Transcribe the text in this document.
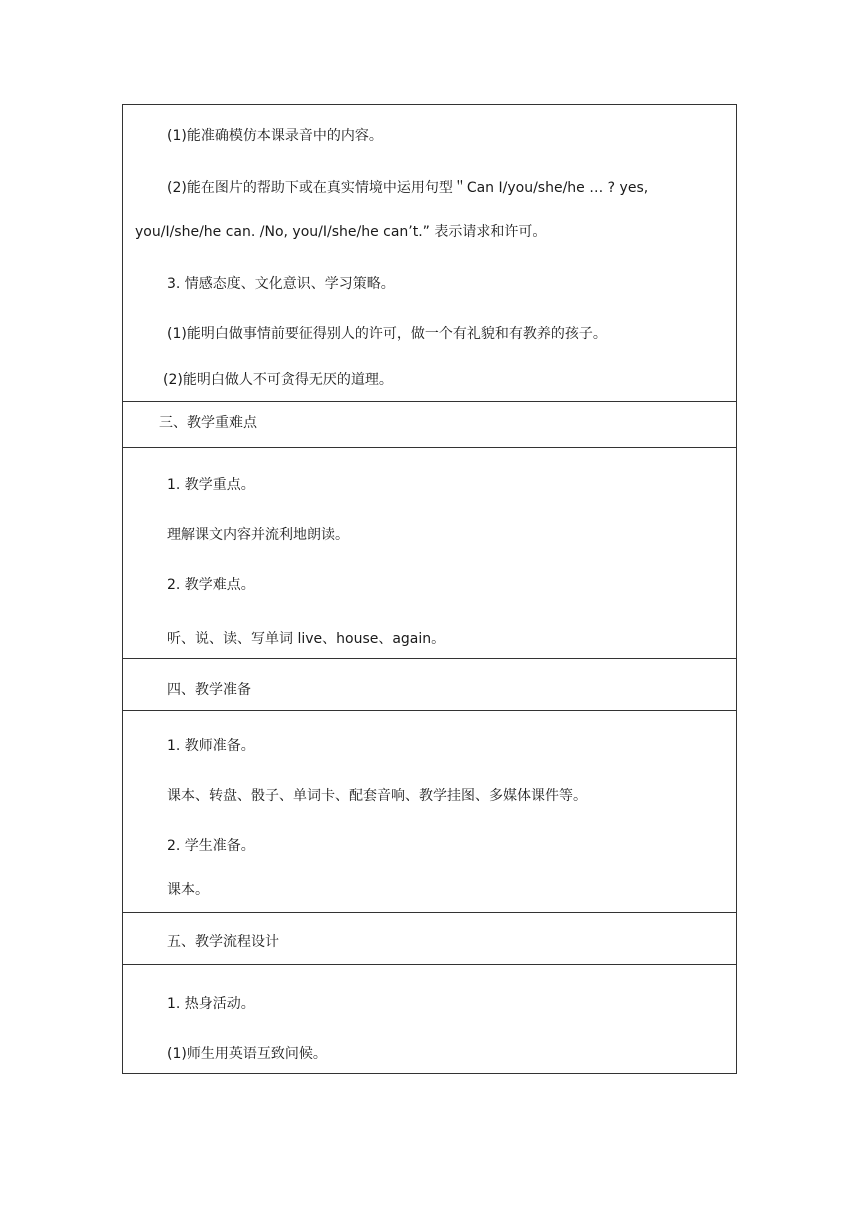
(1)能准确模仿本课录音中的内容。
(2)能在图片的帮助下或在真实情境中运用句型＂Can I/you/she/he … ? yes,
you/I/she/he can. /No, you/I/she/he can’t.” 表示请求和许可。
3. 情感态度、文化意识、学习策略。
(1)能明白做事情前要征得别人的许可，做一个有礼貌和有教养的孩子。
(2)能明白做人不可贪得无厌的道理。
三、教学重难点
1. 教学重点。
理解课文内容并流利地朗读。
2. 教学难点。
听、说、读、写单词 live、house、again。
四、教学准备
1. 教师准备。
课本、转盘、骰子、单词卡、配套音响、教学挂图、多媒体课件等。
2. 学生准备。
课本。
五、教学流程设计
1. 热身活动。
(1)师生用英语互致问候。
